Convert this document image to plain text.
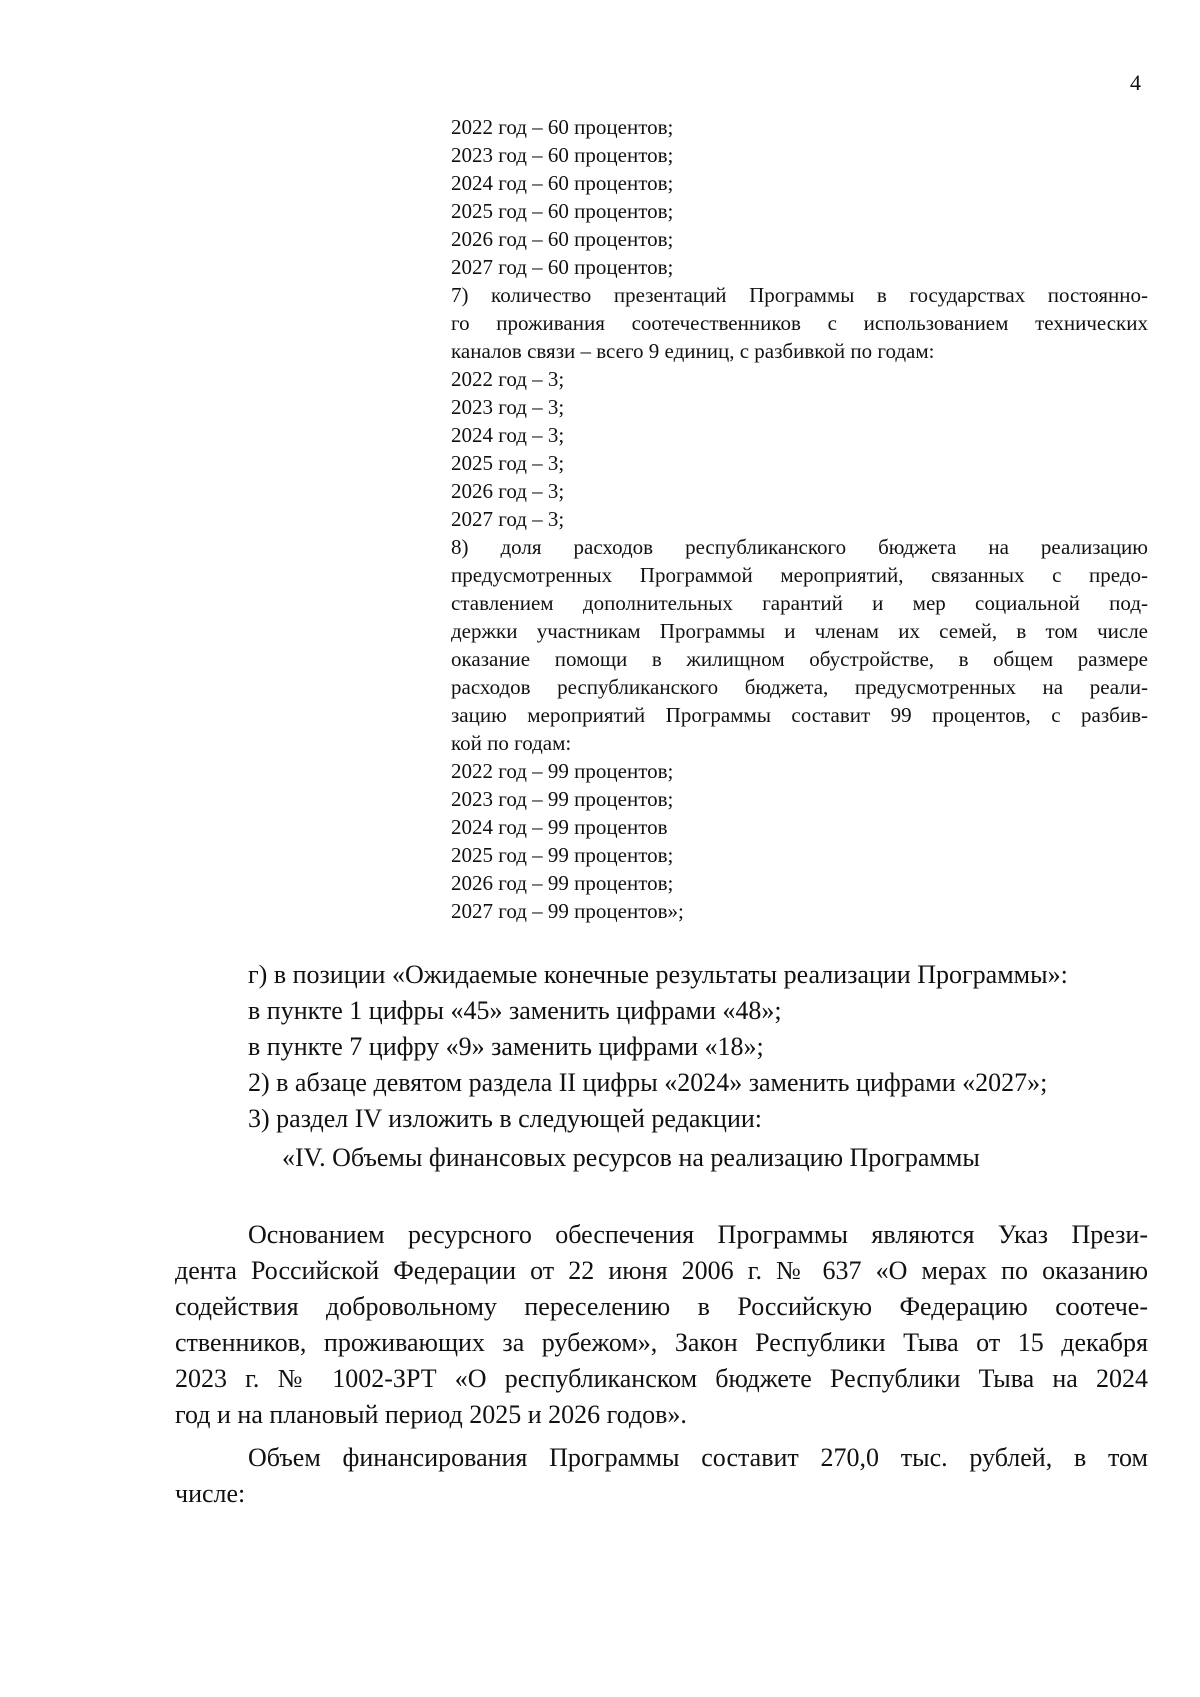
4
2022 год – 60 процентов;
2023 год – 60 процентов;
2024 год – 60 процентов;
2025 год – 60 процентов;
2026 год – 60 процентов;
2027 год – 60 процентов;
7) количество презентаций Программы в государствах постоянно-
го проживания соотечественников с использованием технических
каналов связи – всего 9 единиц, с разбивкой по годам:
2022 год – 3;
2023 год – 3;
2024 год – 3;
2025 год – 3;
2026 год – 3;
2027 год – 3;
8) доля расходов республиканского бюджета на реализацию
предусмотренных Программой мероприятий, связанных с предо-
ставлением дополнительных гарантий и мер социальной под-
держки участникам Программы и членам их семей, в том числе
оказание помощи в жилищном обустройстве, в общем размере
расходов республиканского бюджета, предусмотренных на реали-
зацию мероприятий Программы составит 99 процентов, с разбив-
кой по годам:
2022 год – 99 процентов;
2023 год – 99 процентов;
2024 год – 99 процентов
2025 год – 99 процентов;
2026 год – 99 процентов;
2027 год – 99 процентов»;
г) в позиции «Ожидаемые конечные результаты реализации Программы»:
в пункте 1 цифры «45» заменить цифрами «48»;
в пункте 7 цифру «9» заменить цифрами «18»;
2) в абзаце девятом раздела II цифры «2024» заменить цифрами «2027»;
3) раздел IV изложить в следующей редакции:
«IV. Объемы финансовых ресурсов на реализацию Программы
Основанием ресурсного обеспечения Программы являются Указ Прези-
дента Российской Федерации от 22 июня 2006 г. № 637 «О мерах по оказанию
содействия добровольному переселению в Российскую Федерацию соотече-
ственников, проживающих за рубежом», Закон Республики Тыва от 15 декабря
2023 г. № 1002-ЗРТ «О республиканском бюджете Республики Тыва на 2024
год и на плановый период 2025 и 2026 годов».
Объем финансирования Программы составит 270,0 тыс. рублей, в том
числе:
